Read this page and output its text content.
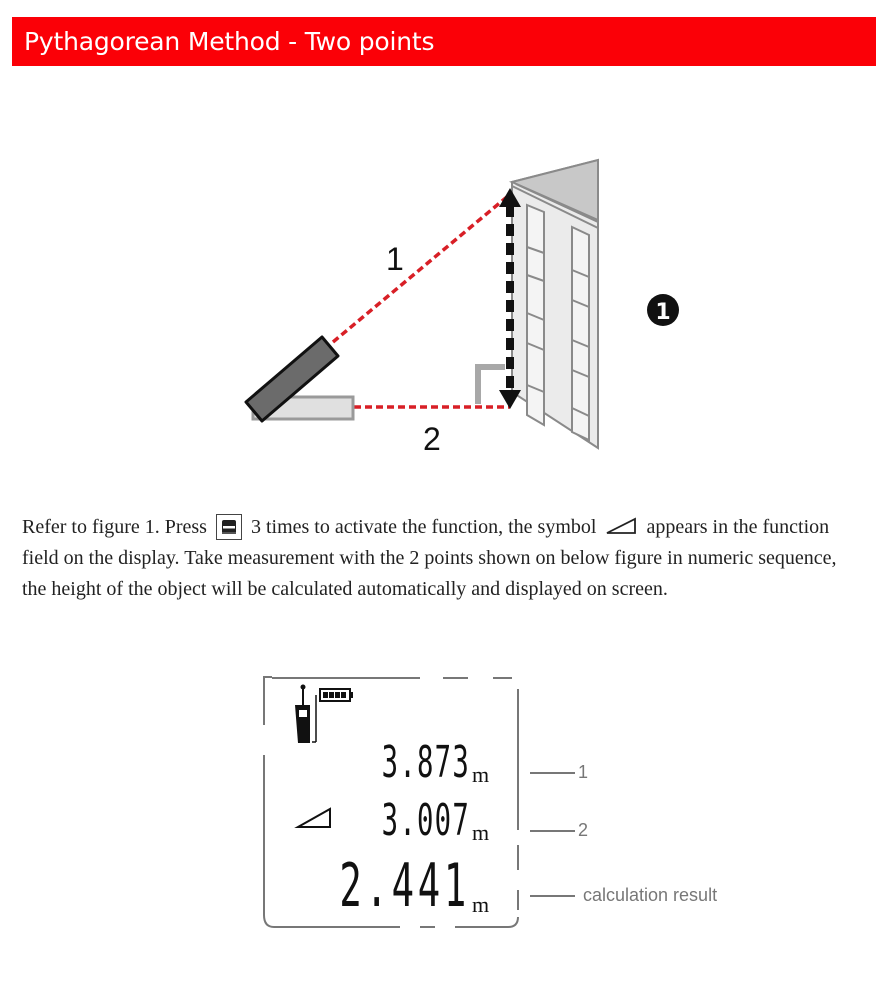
Pythagorean Method - Two points
1
2
1
Refer to figure 1. Press 3 times to activate the function, the symbol	appears in the function field on the display. Take measurement with the 2 points shown on below figure in numeric sequence, the height of the object will be calculated automatically and displayed on screen.
3.873 m
3.007 m
2.441 m
1
2
calculation result
